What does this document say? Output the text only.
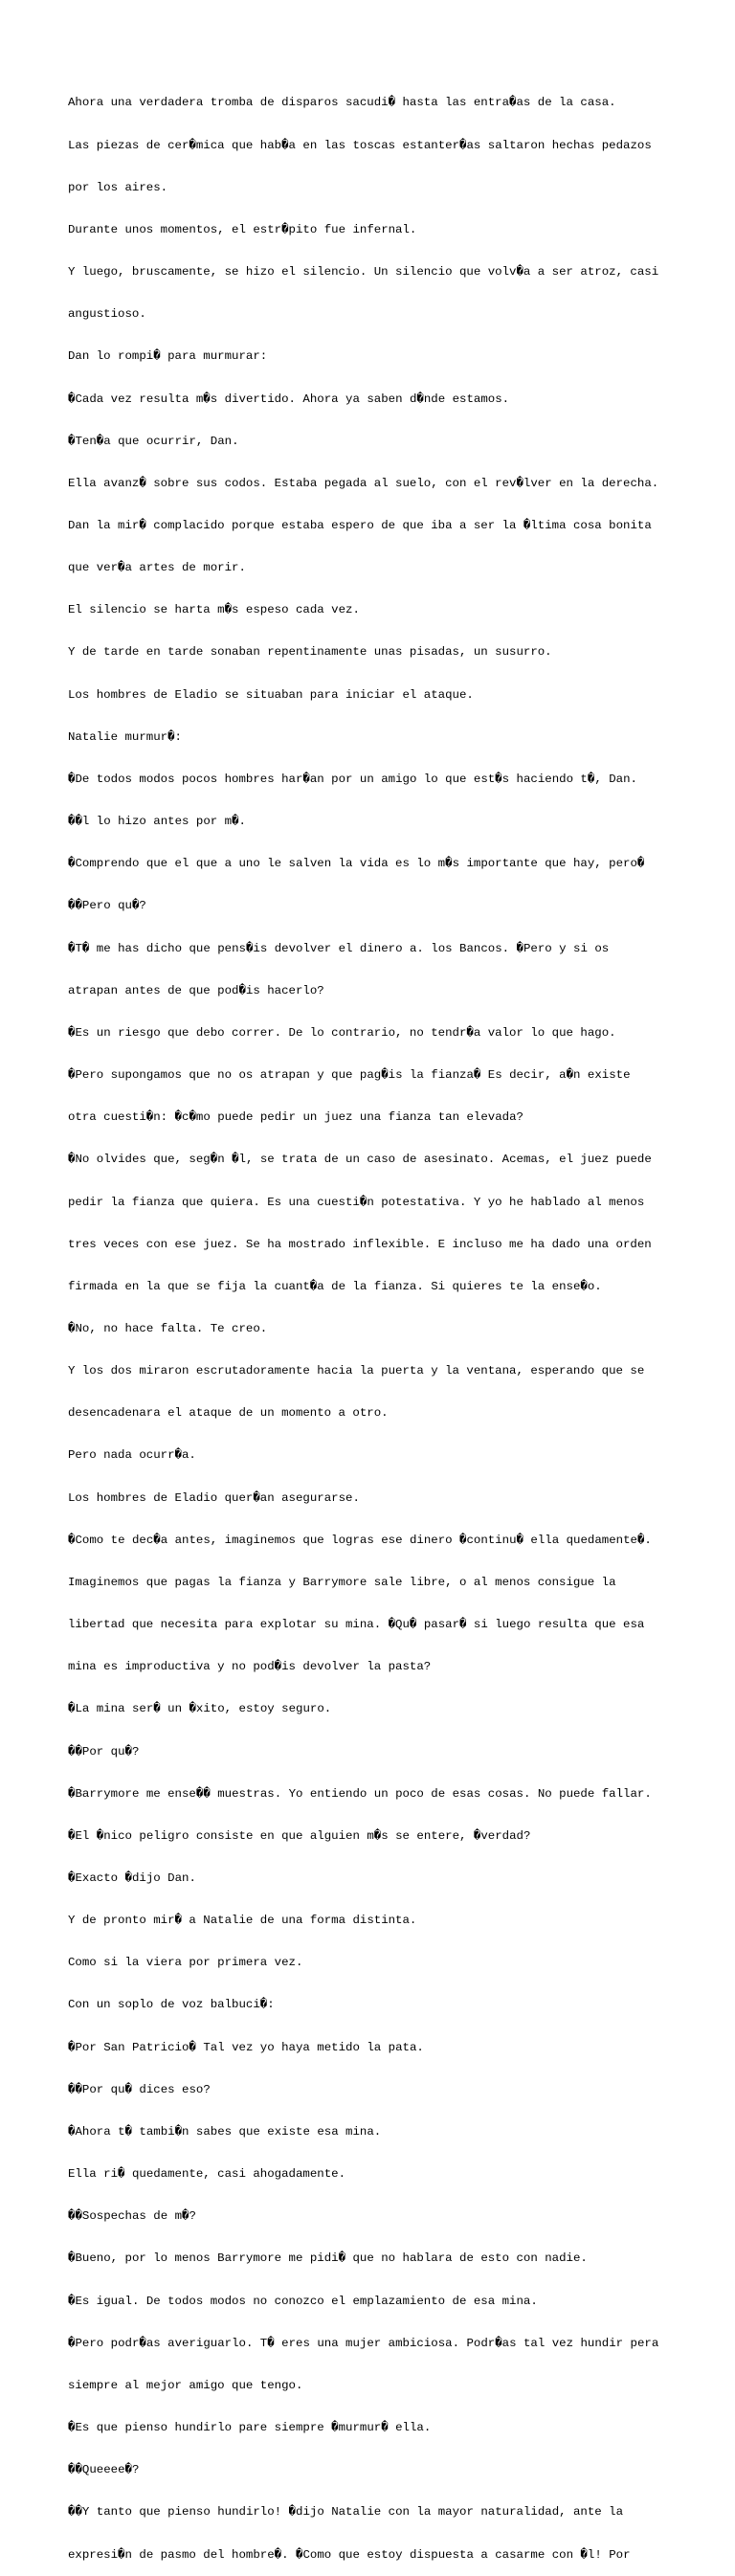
Ahora una verdadera tromba de disparos sacudi� hasta las entra�as de la casa.

Las piezas de cer�mica que hab�a en las toscas estanter�as saltaron hechas pedazos

por los aires.

Durante unos momentos, el estr�pito fue infernal.

Y luego, bruscamente, se hizo el silencio. Un silencio que volv�a a ser atroz, casi

angustioso.

Dan lo rompi� para murmurar:

�Cada vez resulta m�s divertido. Ahora ya saben d�nde estamos.

�Ten�a que ocurrir, Dan.

Ella avanz� sobre sus codos. Estaba pegada al suelo, con el rev�lver en la derecha.

Dan la mir� complacido porque estaba espero de que iba a ser la �ltima cosa bonita

que ver�a artes de morir.

El silencio se harta m�s espeso cada vez.

Y de tarde en tarde sonaban repentinamente unas pisadas, un susurro.

Los hombres de Eladio se situaban para iniciar el ataque.

Natalie murmur�:

�De todos modos pocos hombres har�an por un amigo lo que est�s haciendo t�, Dan.

��l lo hizo antes por m�.

�Comprendo que el que a uno le salven la vida es lo m�s importante que hay, pero�

��Pero qu�?

�T� me has dicho que pens�is devolver el dinero a. los Bancos. �Pero y si os

atrapan antes de que pod�is hacerlo?

�Es un riesgo que debo correr. De lo contrario, no tendr�a valor lo que hago.

�Pero supongamos que no os atrapan y que pag�is la fianza� Es decir, a�n existe

otra cuesti�n: �c�mo puede pedir un juez una fianza tan elevada?

�No olvides que, seg�n �l, se trata de un caso de asesinato. Acemas, el juez puede

pedir la fianza que quiera. Es una cuesti�n potestativa. Y yo he hablado al menos

tres veces con ese juez. Se ha mostrado inflexible. E incluso me ha dado una orden

firmada en la que se fija la cuant�a de la fianza. Si quieres te la ense�o.

�No, no hace falta. Te creo.

Y los dos miraron escrutadoramente hacia la puerta y la ventana, esperando que se

desencadenara el ataque de un momento a otro.

Pero nada ocurr�a.

Los hombres de Eladio quer�an asegurarse.

�Como te dec�a antes, imaginemos que logras ese dinero �continu� ella quedamente�.

Imaginemos que pagas la fianza y Barrymore sale libre, o al menos consigue la

libertad que necesita para explotar su mina. �Qu� pasar� si luego resulta que esa

mina es improductiva y no pod�is devolver la pasta?

�La mina ser� un �xito, estoy seguro.

��Por qu�?

�Barrymore me ense�� muestras. Yo entiendo un poco de esas cosas. No puede fallar.

�El �nico peligro consiste en que alguien m�s se entere, �verdad?

�Exacto �dijo Dan.

Y de pronto mir� a Natalie de una forma distinta.

Como si la viera por primera vez.

Con un soplo de voz balbuci�:

�Por San Patricio� Tal vez yo haya metido la pata.

��Por qu� dices eso?

�Ahora t� tambi�n sabes que existe esa mina.

Ella ri� quedamente, casi ahogadamente.

��Sospechas de m�?

�Bueno, por lo menos Barrymore me pidi� que no hablara de esto con nadie.

�Es igual. De todos modos no conozco el emplazamiento de esa mina.

�Pero podr�as averiguarlo. T� eres una mujer ambiciosa. Podr�as tal vez hundir pera

siempre al mejor amigo que tengo.

�Es que pienso hundirlo pare siempre �murmur� ella.

��Queeee�?

��Y tanto que pienso hundirlo! �dijo Natalie con la mayor naturalidad, ante la

expresi�n de pasmo del hombre�. �Como que estoy dispuesta a casarme con �l! Por
